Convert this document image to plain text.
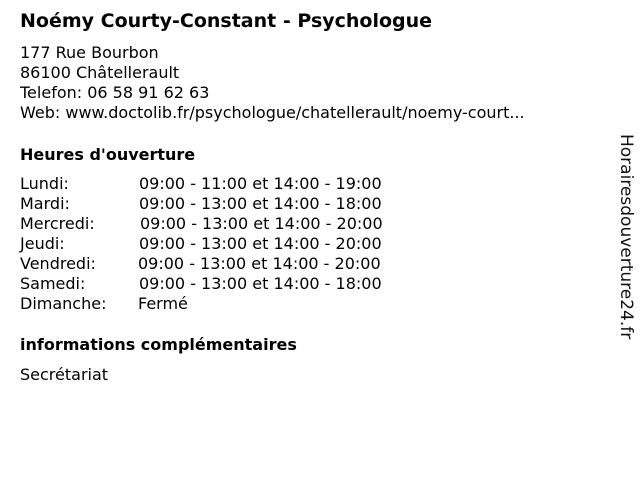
Noémy Courty-Constant - Psychologue
177 Rue Bourbon
86100 Châtellerault
Telefon: 06 58 91 62 63
Web: www.doctolib.fr/psychologue/chatellerault/noemy-court...
Heures d'ouverture
Lundi:	09:00 - 11:00 et 14:00 - 19:00
Mardi:	09:00 - 13:00 et 14:00 - 18:00
Mercredi:	09:00 - 13:00 et 14:00 - 20:00
Jeudi:	09:00 - 13:00 et 14:00 - 20:00
Vendredi:	09:00 - 13:00 et 14:00 - 20:00
Samedi:	09:00 - 13:00 et 14:00 - 18:00
Dimanche: Fermé
informations complémentaires
Secrétariat
Horairesdouverture24.fr
